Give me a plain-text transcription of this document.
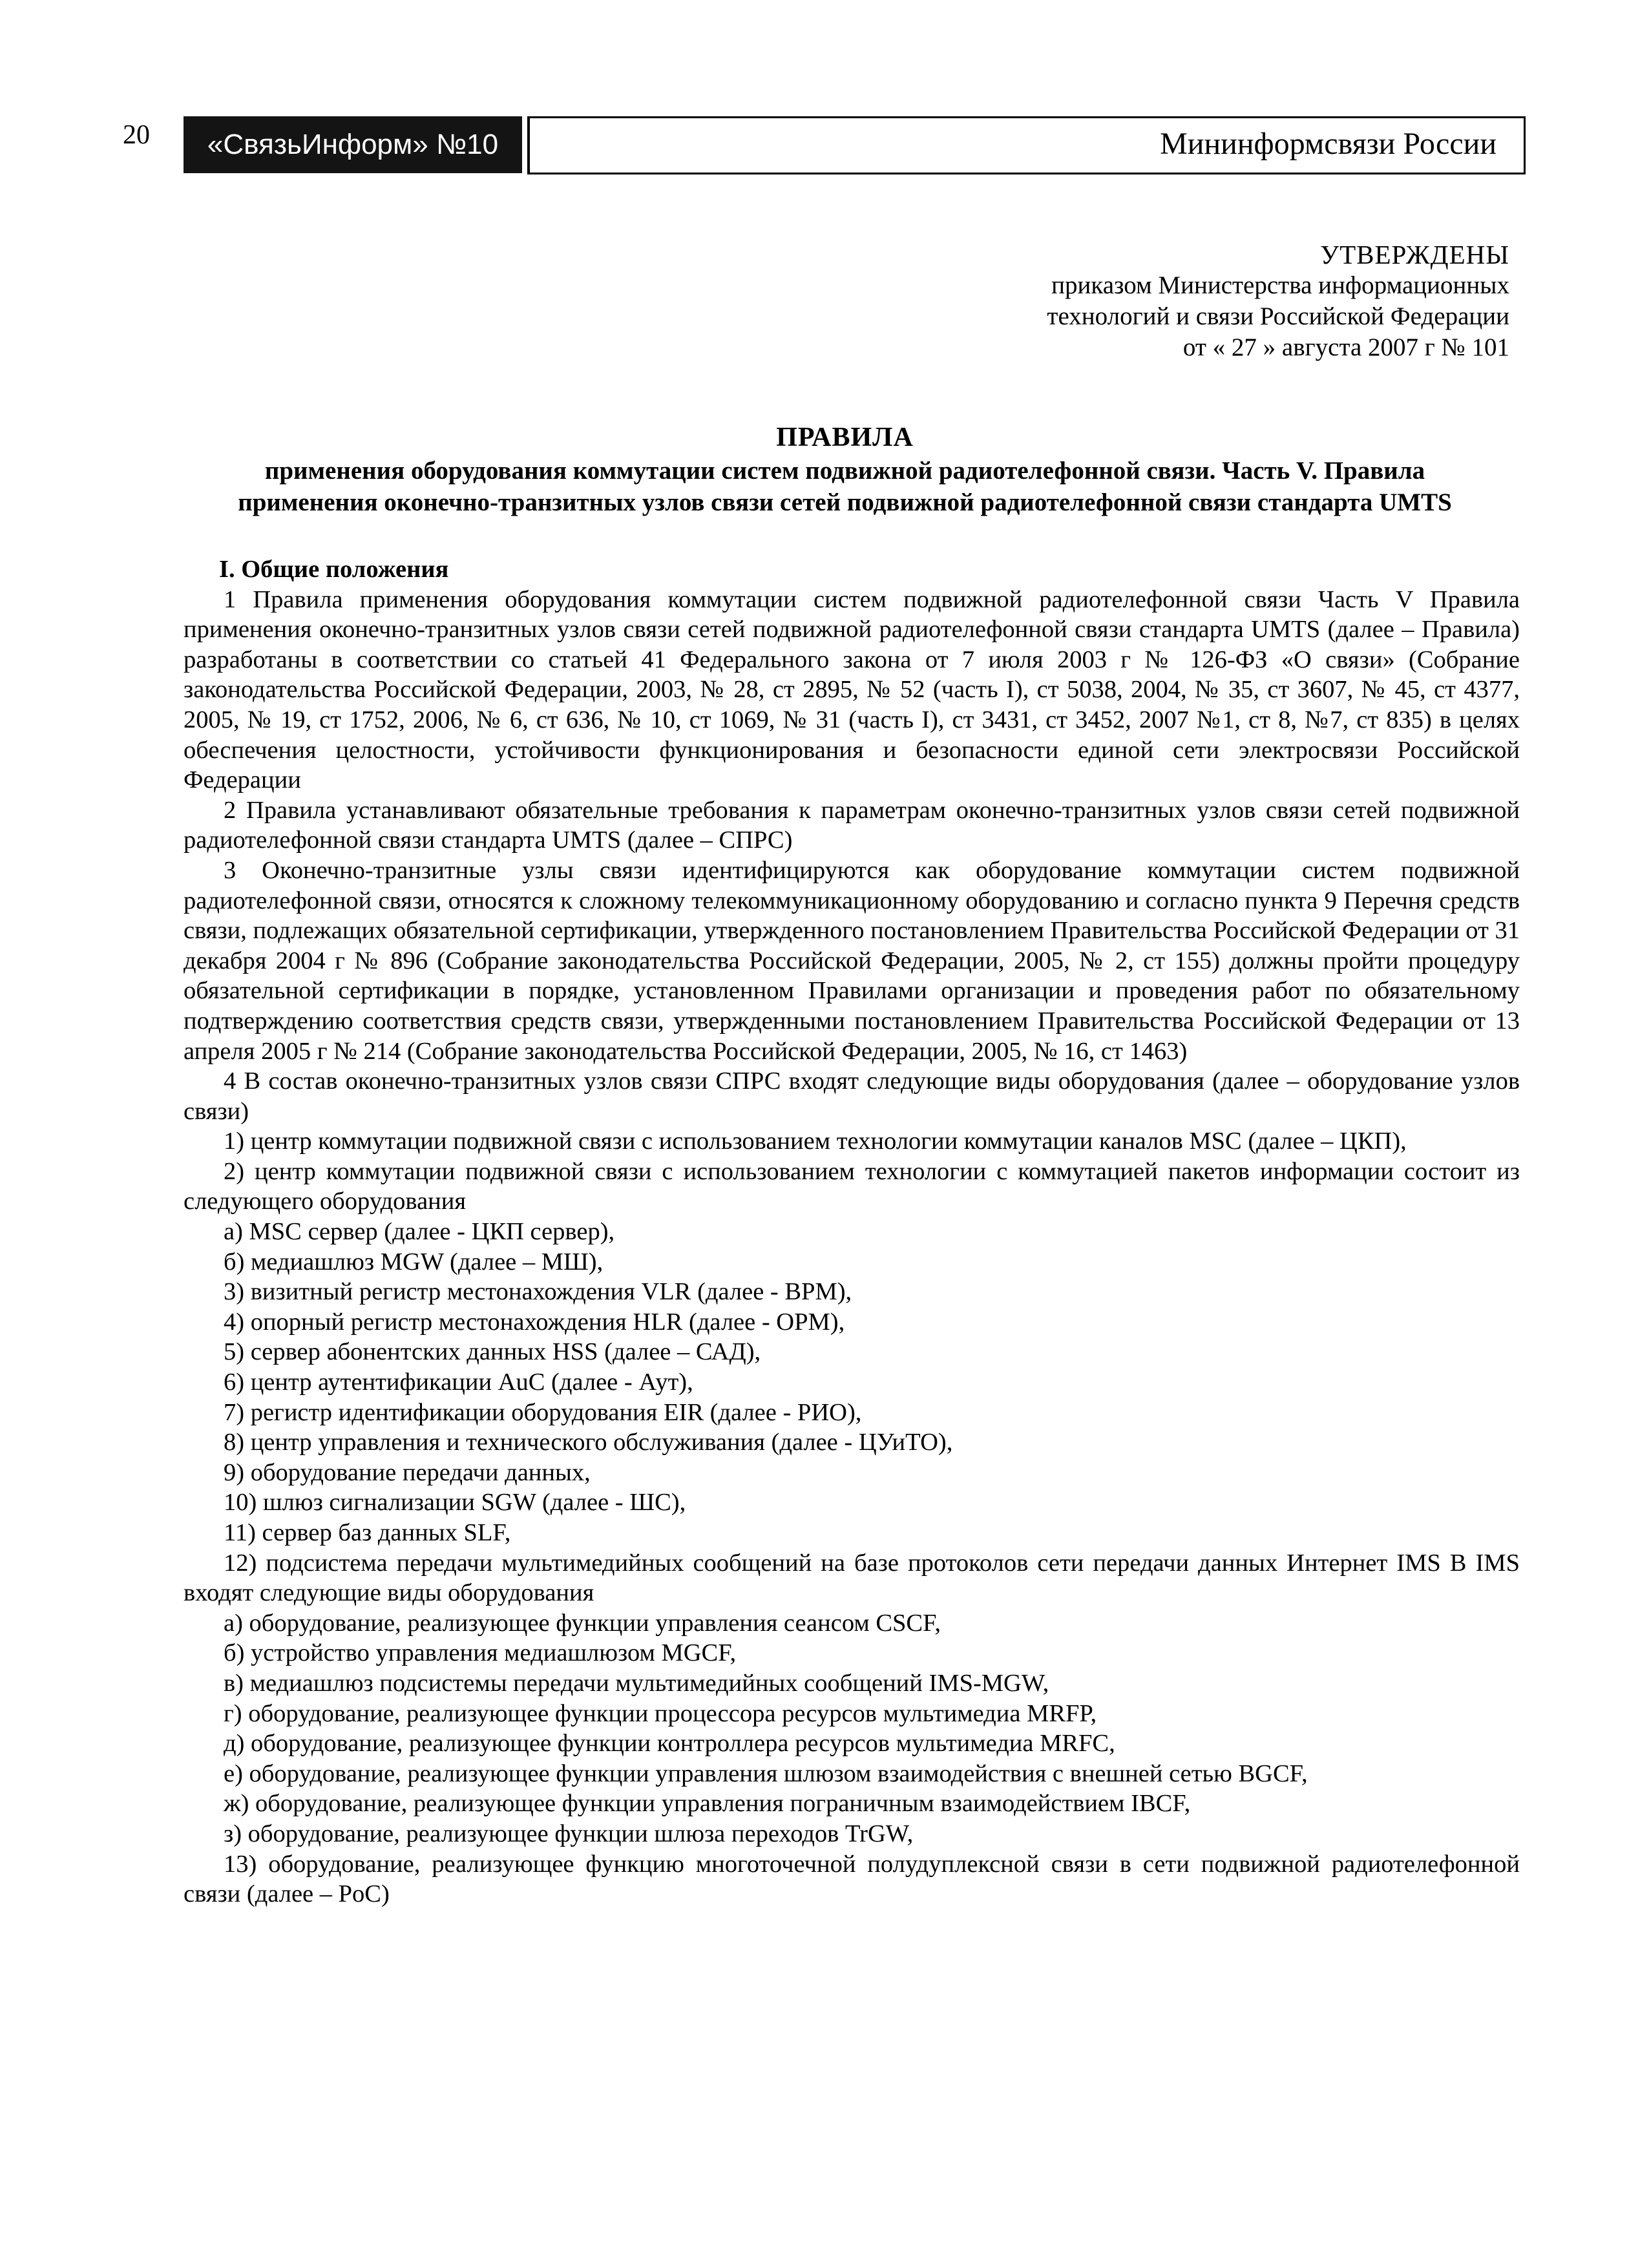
20	«СвязьИнформ» №10	Мининформсвязи России
УТВЕРЖДЕНЫ
приказом Министерства информационных
технологий и связи Российской Федерации
от « 27 » августа 2007 г № 101
ПРАВИЛА
применения оборудования коммутации систем подвижной радиотелефонной связи. Часть V. Правила
применения оконечно-транзитных узлов связи сетей подвижной радиотелефонной связи стандарта UMTS
I. Общие положения

1 Правила применения оборудования коммутации систем подвижной радиотелефонной связи Часть V Правила применения оконечно-транзитных узлов связи сетей подвижной радиотелефонной связи стандарта UMTS (далее – Правила) разработаны в соответствии со статьей 41 Федерального закона от 7 июля 2003 г № 126-ФЗ «О связи» (Собрание законодательства Российской Федерации, 2003, № 28, ст 2895, № 52 (часть I), ст 5038, 2004, № 35, ст 3607, № 45, ст 4377, 2005, № 19, ст 1752, 2006, № 6, ст 636, № 10, ст 1069, № 31 (часть I), ст 3431, ст 3452, 2007 №1, ст 8, №7, ст 835) в целях обеспечения целостности, устойчивости функционирования и безопасности единой сети электросвязи Российской Федерации

2 Правила устанавливают обязательные требования к параметрам оконечно-транзитных узлов связи сетей подвижной радиотелефонной связи стандарта UMTS (далее – СПРС)

3 Оконечно-транзитные узлы связи идентифицируются как оборудование коммутации систем подвижной радиотелефонной связи, относятся к сложному телекоммуникационному оборудованию и согласно пункта 9 Перечня средств связи, подлежащих обязательной сертификации, утвержденного постановлением Правительства Российской Федерации от 31 декабря 2004 г № 896 (Собрание законодательства Российской Федерации, 2005, № 2, ст 155) должны пройти процедуру обязательной сертификации в порядке, установленном Правилами организации и проведения работ по обязательному подтверждению соответствия средств связи, утвержденными постановлением Правительства Российской Федерации от 13 апреля 2005 г № 214 (Собрание законодательства Российской Федерации, 2005, № 16, ст 1463)

4 В состав оконечно-транзитных узлов связи СПРС входят следующие виды оборудования (далее – оборудование узлов связи)

1) центр коммутации подвижной связи с использованием технологии коммутации каналов MSC (далее – ЦКП),

2) центр коммутации подвижной связи с использованием технологии с коммутацией пакетов информации состоит из следующего оборудования

а) MSC сервер (далее - ЦКП сервер),
б) медиашлюз MGW (далее – МШ),
3) визитный регистр местонахождения VLR (далее - ВРМ),
4) опорный регистр местонахождения HLR (далее - ОРМ),
5) сервер абонентских данных HSS (далее – САД),
6) центр аутентификации AuC (далее - Аут),
7) регистр идентификации оборудования EIR (далее - РИО),
8) центр управления и технического обслуживания (далее - ЦУиТО),
9) оборудование передачи данных,
10) шлюз сигнализации SGW (далее - ШС),
11) сервер баз данных SLF,

12) подсистема передачи мультимедийных сообщений на базе протоколов сети передачи данных Интернет IMS В IMS входят следующие виды оборудования

а) оборудование, реализующее функции управления сеансом CSCF,
б) устройство управления медиашлюзом MGCF,
в) медиашлюз подсистемы передачи мультимедийных сообщений IMS-MGW,
г) оборудование, реализующее функции процессора ресурсов мультимедиа MRFP,
д) оборудование, реализующее функции контроллера ресурсов мультимедиа MRFC,
е) оборудование, реализующее функции управления шлюзом взаимодействия с внешней сетью BGCF,
ж) оборудование, реализующее функции управления пограничным взаимодействием IBCF,
з) оборудование, реализующее функции шлюза переходов TrGW,

13) оборудование, реализующее функцию многоточечной полудуплексной связи в сети подвижной радиотелефонной связи (далее – PoC)
